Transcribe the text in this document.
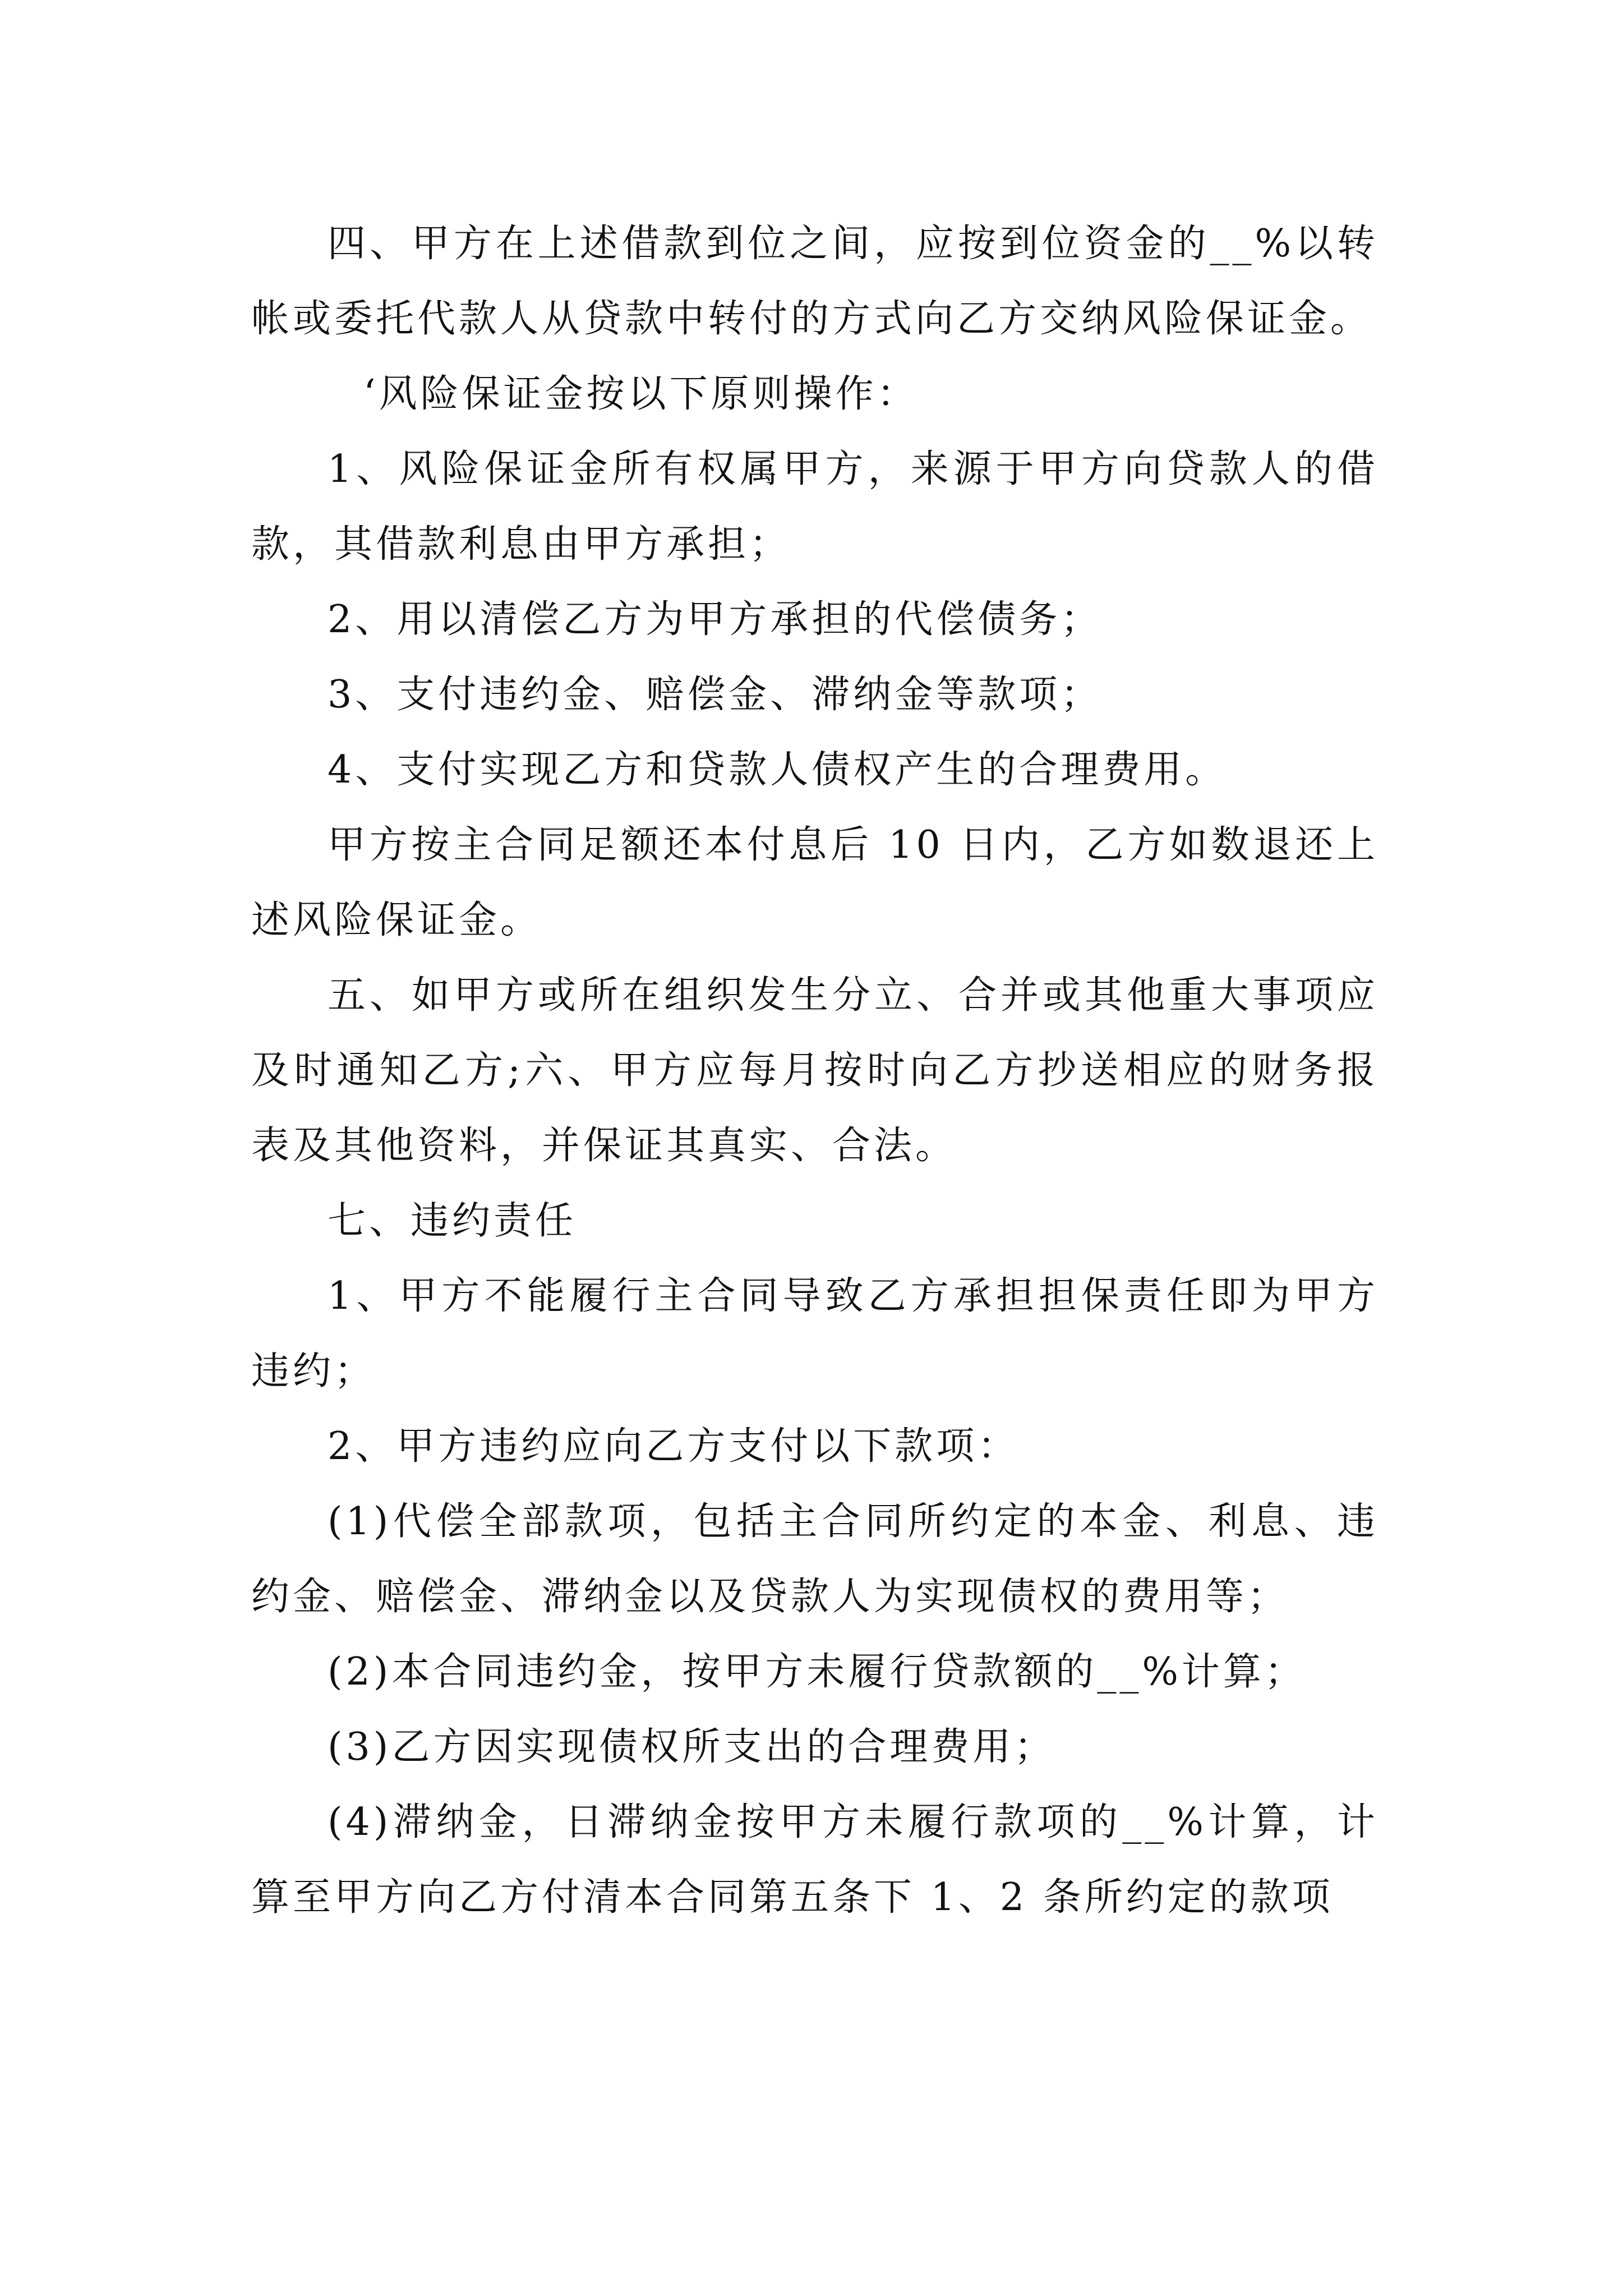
四、甲方在上述借款到位之间，应按到位资金的__%以转帐或委托代款人从贷款中转付的方式向乙方交纳风险保证金。

‘风险保证金按以下原则操作：

1、风险保证金所有权属甲方，来源于甲方向贷款人的借款，其借款利息由甲方承担；

2、用以清偿乙方为甲方承担的代偿债务；

3、支付违约金、赔偿金、滞纳金等款项；

4、支付实现乙方和贷款人债权产生的合理费用。

甲方按主合同足额还本付息后 10 日内，乙方如数退还上述风险保证金。

五、如甲方或所在组织发生分立、合并或其他重大事项应及时通知乙方;六、甲方应每月按时向乙方抄送相应的财务报表及其他资料，并保证其真实、合法。

七、违约责任

1、甲方不能履行主合同导致乙方承担担保责任即为甲方违约；

2、甲方违约应向乙方支付以下款项：

(1)代偿全部款项，包括主合同所约定的本金、利息、违约金、赔偿金、滞纳金以及贷款人为实现债权的费用等；

(2)本合同违约金，按甲方未履行贷款额的__%计算；

(3)乙方因实现债权所支出的合理费用；

(4)滞纳金，日滞纳金按甲方未履行款项的__%计算，计算至甲方向乙方付清本合同第五条下 1、2 条所约定的款项
